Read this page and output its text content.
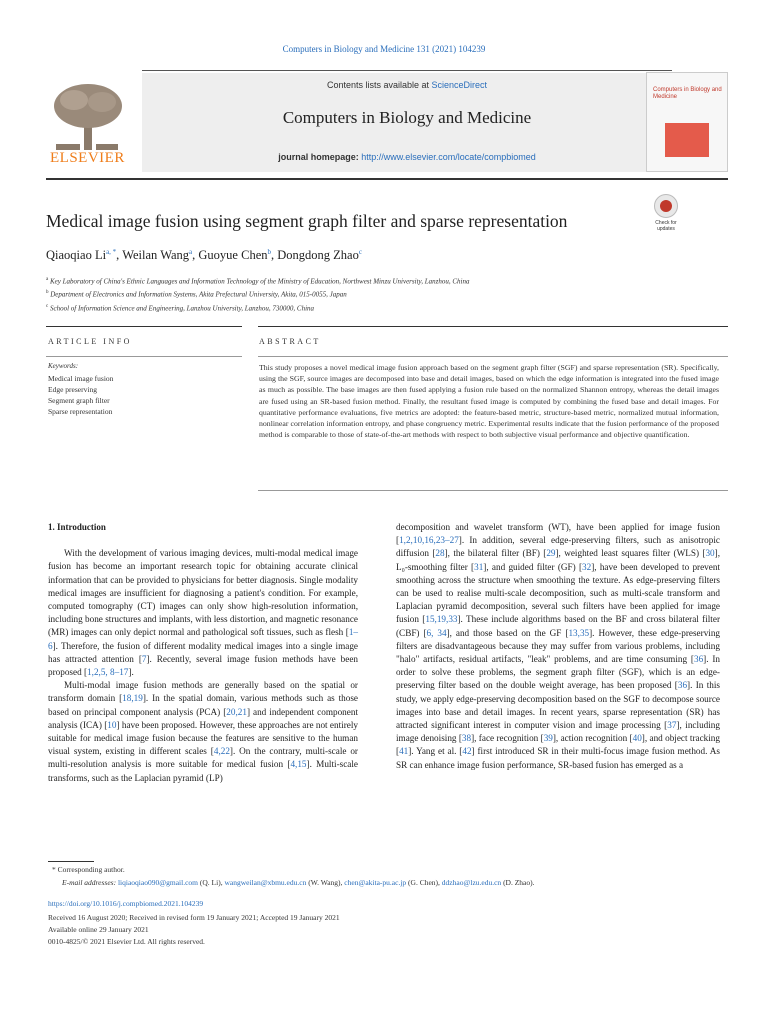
Computers in Biology and Medicine 131 (2021) 104239
ELSEVIER
Contents lists available at ScienceDirect
Computers in Biology and Medicine
journal homepage: http://www.elsevier.com/locate/compbiomed
Computers in Biology and Medicine
Medical image fusion using segment graph filter and sparse representation	Check for updates
Qiaoqiao $Li^{a, *}$, Weilan Wang$^a$, Guoyue Chen$^b$, Dongdong Zhao$^c$
$^a$ Key Laboratory of China's Ethnic Languages and Information Technology of the Ministry of Education, Northwest Minzu University, Lanzhou, China
$^b$ Department of Electronics and Information Systems, Akita Prefectural University, Akita, 015-0055, Japan
$^c$ School of Information Science and Engineering, Lanzhou University, Lanzhou, 730000, China
ARTICLE INFO	ABSTRACT
Keywords:
Medical image fusion
Edge preserving
Segment graph filter
Sparse representation

This study proposes a novel medical image fusion approach based on the segment graph filter (SGF) and sparse representation (SR). Specifically, using the SGF, source images are decomposed into base and detail images, based on which the edge information is integrated into the fused image as much as possible. The base images are then fused applying a fusion rule based on the normalized Shannon entropy, whereas the detail images are fused using an SR-based fusion method. Finally, the resultant fused image is computed by combining the fused base and detail images. For quantitative performance evaluations, five metrics are adopted: the feature-based metric, structure-based metric, normalized mutual information, nonlinear correlation information entropy, and phase congruency metric. Experimental results indicate that the fusion performance of the proposed method is comparable to those of state-of-the-art methods with respect to both subjective visual performance and objective quantification.

1. Introduction

With the development of various imaging devices, multi-modal medical image fusion has become an important research topic for obtaining accurate clinical information that can be provided to physicians for better diagnosis. Single modality medical images are insufficient for diagnosing a patient's condition. For example, computed tomography (CT) images can only show high-resolution information, including bone structures and implants, with less distortion, and magnetic resonance (MR) images can only depict normal and pathological soft tissues, such as flesh [1–6]. Therefore, the fusion of different modality medical images into a single image has attracted attention [7]. Recently, several image fusion methods have been proposed [1,2,5, 8–17].

Multi-modal image fusion methods are generally based on the spatial or transform domain [18,19]. In the spatial domain, various methods such as those based on principal component analysis (PCA) [20,21] and independent component analysis (ICA) [10] have been proposed. However, these approaches are not entirely suitable for medical image fusion because the features are sensitive to the human visual system, existing in different scales [4,22]. On the contrary, multi-scale or multi-resolution analysis is more suitable for medical fusion [4,15]. Multi-scale transforms, such as the Laplacian pyramid (LP)

decomposition and wavelet transform (WT), have been applied for image fusion [1,2,10,16,23–27]. In addition, several edge-preserving filters, such as anisotropic diffusion [28], the bilateral filter (BF) [29], weighted least squares filter (WLS) [30], L₀-smoothing filter [31], and guided filter (GF) [32], have been developed to prevent smoothing across the structure when smoothing the texture. As edge-preserving filters can be used to realise multi-scale decomposition, such as multi-scale transform and Laplacian pyramid decomposition, several such filters have been applied for image fusion [15,19,33]. These include algorithms based on the BF and cross bilateral filter (CBF) [6, 34], and those based on the GF [13,35]. However, these edge-preserving filters are disadvantageous because they may suffer from various problems, including "halo" artifacts, residual artifacts, "leak" problems, and are time consuming [36]. In order to solve these problems, the segment graph filter (SGF), which is an edge-preserving filter based on the double weight average, has been proposed [36]. In this study, we apply edge-preserving decomposition based on the SGF to decompose source images into base and detail images. In recent years, sparse representation (SR) has attracted significant interest in computer vision and image processing [37], including image denoising [38], face recognition [39], action recognition [40], and object tracking [41]. Yang et al. [42] first introduced SR in their multi-focus image fusion method. As SR can enhance image fusion performance, SR-based fusion has emerged as a

* Corresponding author.
E-mail addresses: liqiaoqiao090@gmail.com (Q. Li), wangweilan@xbmu.edu.cn (W. Wang), chen@akita-pu.ac.jp (G. Chen), ddzhao@lzu.edu.cn (D. Zhao).
https://doi.org/10.1016/j.compbiomed.2021.104239
Received 16 August 2020; Received in revised form 19 January 2021; Accepted 19 January 2021
Available online 29 January 2021
0010-4825/© 2021 Elsevier Ltd. All rights reserved.
